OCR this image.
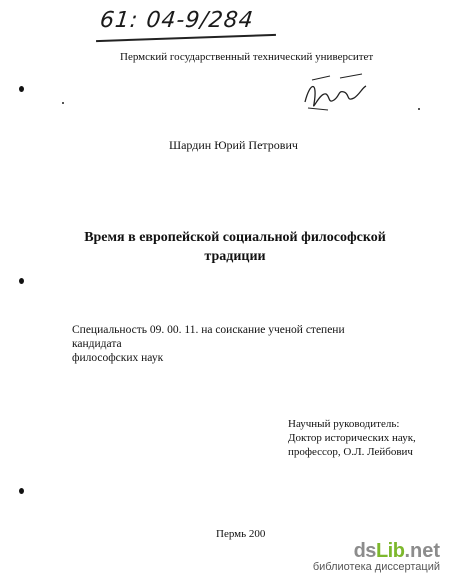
61: 04-9/284
Пермский государственный технический университет
Шардин Юрий Петрович
Время в европейской социальной философской
традиции
Специальность 09. 00. 11. на соискание ученой степени кандидата
философских наук
Научный руководитель:
Доктор исторических наук,
профессор, О.Л. Лейбович
Пермь 200
ds Lib . net
библиотека диссертаций
